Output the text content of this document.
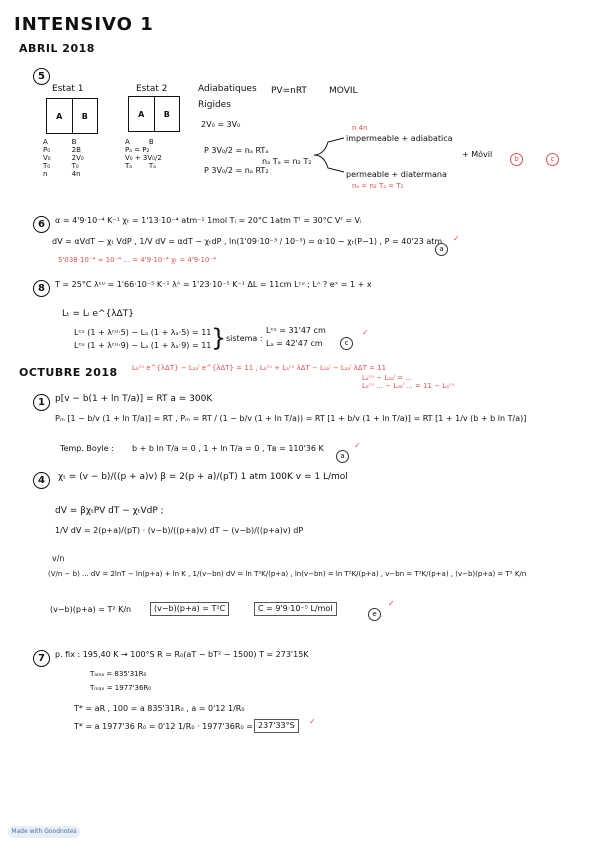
INTENSIVO 1
ABRIL 2018
5
Estat 1	Estat 2
A	B	A	B
A	B
P₀	2B
V₀	2V₀
T₀	T₀
n	4n
A	B
Pₐ = P₂	
V₀ + 3V₀/2	
Tₐ	Tₐ
Adiabatiques PV=nRT MOVIL
Rigides
2V₀ = 3V₀
P 3V₀/2 = nₐ RTₐ
P 3V₀/2 = nₐ RT₂
nₐ Tₐ = n₂ T₂
n 4n
impermeable + adiabatica
permeable + diatermana
nₐ = n₂ Tₐ = T₂
+ Móvil	b	c
6	α = 4'9·10⁻⁴ K⁻¹ χₜ = 1'13·10⁻⁴ atm⁻¹ 1mol Tᵢ = 20°C 1atm Tᶠ = 30°C Vᶠ = Vᵢ
dV = αVdT − χₜ VdP , 1/V dV = αdT − χₜdP , ln(1'09·10⁻³ / 10⁻³) = α·10 − χₜ(P−1) , P = 40'23 atm
a
✓
5'038·10⁻⁴ ≈ 10⁻⁴ ... = 4'9·10⁻⁴ χₜ = 4'9·10⁻⁴
8	T = 25°C λᶜᵘ = 1'66·10⁻⁵ K⁻¹ λᴬ = 1'23·10⁻⁵ K⁻¹ ΔL = 11cm Lᶜᵘ ; Lᴬ ? eˣ = 1 + x
Lₜ = Lᵢ e^{λΔT}
Lᶜᵘ (1 + λᶜᵘ·5) − Lₐ (1 + λₐ·5) = 11
Lᶜᵘ (1 + λᶜᵘ·9) − Lₐ (1 + λₐ·9) = 11 } sistema :
Lᶜᵘ = 31'47 cm
Lₐ = 42'47 cm	c
✓
OCTUBRE 2018 Lₐᶜᵘ e^{λΔT} − Lₐₐˡ e^{λΔT} = 11 , Lₐᶜᵘ + Lₐᶜᵘ λΔT − Lₐₐˡ − Lₐₐˡ λΔT = 11
Lₐᶜᵘ − Lₐₐˡ = ...
Lₐᶜᵘ ... − Lₐₐˡ ... = 11 − Lₐᶜᵘ
1	p[v − b(1 + ln T/a)] = RT a = 300K
Pₘ [1 − b/v (1 + ln T/a)] = RT , Pₘ = RT / (1 − b/v (1 + ln T/a)) = RT [1 + b/v (1 + ln T/a)] = RT [1 + 1/v (b + b ln T/a)]
Temp. Boyle : b + b ln T/a = 0 , 1 + ln T/a = 0 , Tʙ = 110'36 K
a
✓
4	χₜ = (v − b)/((p + a)v) β = 2(p + a)/(pT) 1 atm 100K v = 1 L/mol
dV = βχₜPV dT − χₜVdP ;
1/V dV = 2(p+a)/(pT) · (v−b)/((p+a)v) dT − (v−b)/((p+a)v) dP
v/n
(V/n − b) ... dV = 2lnT − ln(p+a) + ln K , 1/(v−bn) dV = ln T²K/(p+a) , ln(v−bn) = ln T²K/(p+a) , v−bn = T²K/(p+a) , (v−b)(p+a) = T² K/n
(v−b)(p+a) = T² K/n	(v−b)(p+a) = T²C	C = 9'9·10⁻⁵ L/mol
e
✓
7	p. fix : 195,40 K → 100°S R = R₀(aT − bT² − 1500) T = 273'15K
Tₐₘₐ = 835'31R₀
Tₘₐₓ = 1977'36R₀
T* = aR , 100 = a 835'31R₀ , a = 0'12 1/R₀
T* = a 1977'36 R₀ = 0'12 1/R₀ · 1977'36R₀ = 237'33°S	✓
Made with Goodnotes
